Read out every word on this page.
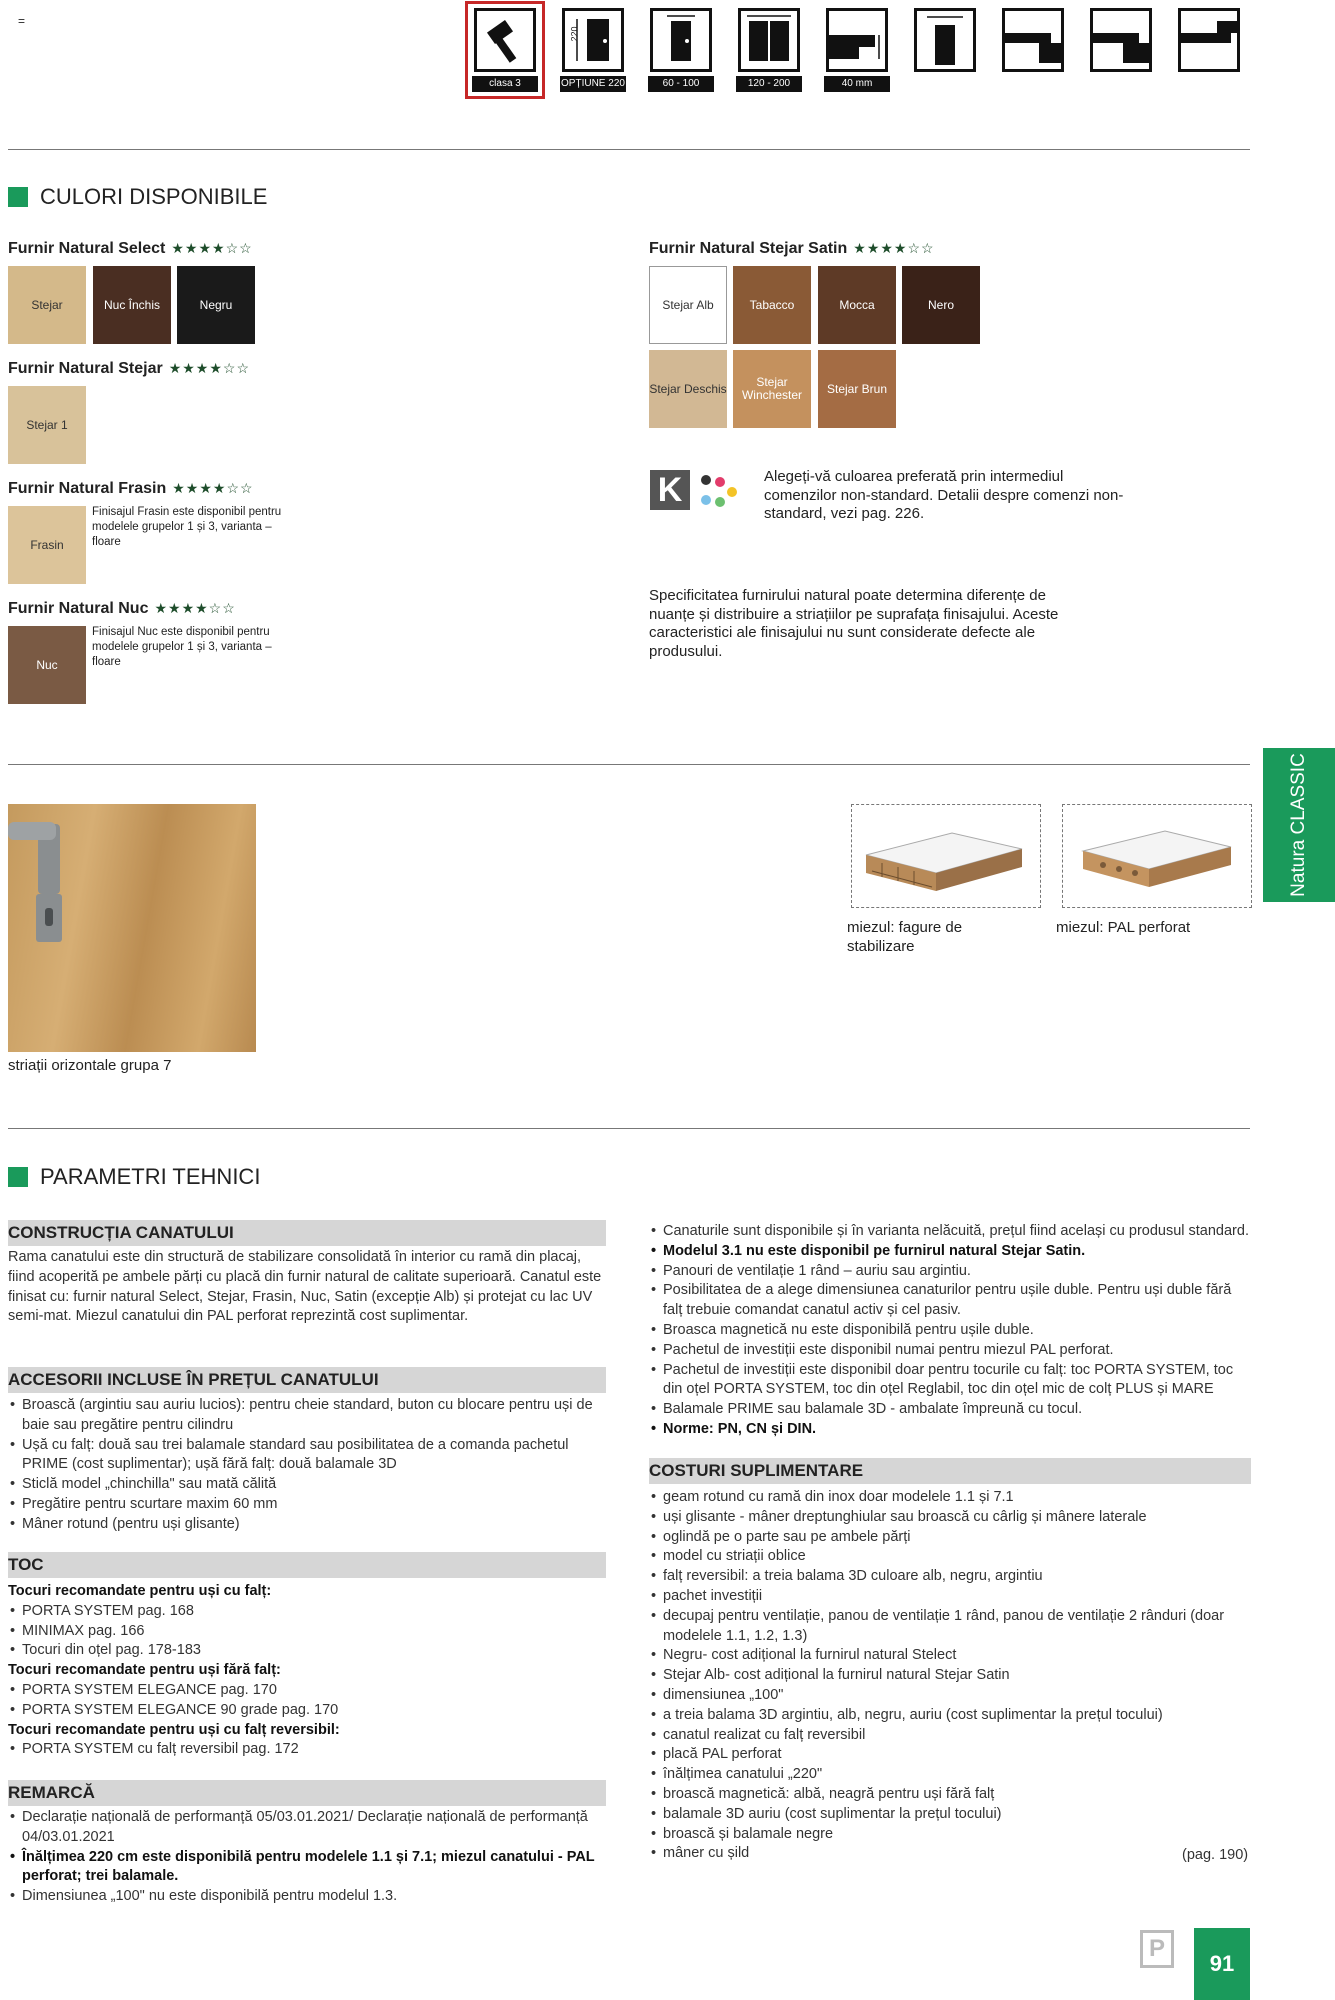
=
clasa 3
220
OPȚIUNE 220	60 - 100	120 - 200	40 mm
CULORI DISPONIBILE
Furnir Natural Select ★★★★☆☆
Stejar	Nuc Închis	Negru
Furnir Natural Stejar ★★★★☆☆
Stejar 1
Furnir Natural Frasin ★★★★☆☆
Frasin
Finisajul Frasin este disponibil pentru modelele grupelor 1 și 3, varianta – floare
Furnir Natural Nuc ★★★★☆☆
Nuc
Finisajul Nuc este disponibil pentru modelele grupelor 1 și 3, varianta – floare
Furnir Natural Stejar Satin ★★★★☆☆
Stejar Alb	Tabacco	Mocca	Nero
Stejar Deschis	Stejar Winchester	Stejar Brun
K	Alegeți-vă culoarea preferată prin intermediul comenzilor non-standard. Detalii despre comenzi non-standard, vezi pag. 226.
Specificitatea furnirului natural poate determina diferențe de nuanțe și distribuire a striațiilor pe suprafața finisajului. Aceste caracteristici ale finisajului nu sunt considerate defecte ale produsului.
striații orizontale grupa 7
miezul: fagure de stabilizare
miezul: PAL perforat
Natura CLASSIC
PARAMETRI TEHNICI
CONSTRUCȚIA CANATULUI
Rama canatului este din structură de stabilizare consolidată în interior cu ramă din placaj, fiind acoperită pe ambele părți cu placă din furnir natural de calitate superioară. Canatul este finisat cu: furnir natural Select, Stejar, Frasin, Nuc, Satin (excepție Alb) și protejat cu lac UV semi-mat. Miezul canatului din PAL perforat reprezintă cost suplimentar.
ACCESORII INCLUSE ÎN PREȚUL CANATULUI
• Broască (argintiu sau auriu lucios): pentru cheie standard, buton cu blocare pentru uși de baie sau pregătire pentru cilindru
• Ușă cu falț: două sau trei balamale standard sau posibilitatea de a comanda pachetul PRIME (cost suplimentar); ușă fără falț: două balamale 3D
• Sticlă model „chinchilla" sau mată călită
• Pregătire pentru scurtare maxim 60 mm
• Mâner rotund (pentru uși glisante)
TOC
Tocuri recomandate pentru uși cu falț:
• PORTA SYSTEM pag. 168
• MINIMAX pag. 166
• Tocuri din oțel pag. 178-183
Tocuri recomandate pentru uși fără falț:
• PORTA SYSTEM ELEGANCE pag. 170
• PORTA SYSTEM ELEGANCE 90 grade pag. 170
Tocuri recomandate pentru uși cu falț reversibil:
• PORTA SYSTEM cu falț reversibil pag. 172
REMARCĂ
• Declarație națională de performanță 05/03.01.2021/ Declarație națională de performanță 04/03.01.2021
• Înălțimea 220 cm este disponibilă pentru modelele 1.1 și 7.1; miezul canatului - PAL perforat; trei balamale.
• Dimensiunea „100" nu este disponibilă pentru modelul 1.3.
• Canaturile sunt disponibile și în varianta nelăcuită, prețul fiind același cu produsul standard.
• Modelul 3.1 nu este disponibil pe furnirul natural Stejar Satin.
• Panouri de ventilație 1 rând – auriu sau argintiu.
• Posibilitatea de a alege dimensiunea canaturilor pentru ușile duble. Pentru uși duble fără falț trebuie comandat canatul activ și cel pasiv.
• Broasca magnetică nu este disponibilă pentru ușile duble.
• Pachetul de investiții este disponibil numai pentru miezul PAL perforat.
• Pachetul de investiții este disponibil doar pentru tocurile cu falț: toc PORTA SYSTEM, toc din oțel PORTA SYSTEM, toc din oțel Reglabil, toc din oțel mic de colț PLUS și MARE
• Balamale PRIME sau balamale 3D - ambalate împreună cu tocul.
• Norme: PN, CN și DIN.
COSTURI SUPLIMENTARE
• geam rotund cu ramă din inox doar modelele 1.1 și 7.1
• uși glisante - mâner dreptunghiular sau broască cu cârlig și mânere laterale
• oglindă pe o parte sau pe ambele părți
• model cu striații oblice
• falț reversibil: a treia balama 3D culoare alb, negru, argintiu
• pachet investiții
• decupaj pentru ventilație, panou de ventilație 1 rând, panou de ventilație 2 rânduri (doar modelele 1.1, 1.2, 1.3)
• Negru- cost adițional la furnirul natural Stelect
• Stejar Alb- cost adițional la furnirul natural Stejar Satin
• dimensiunea „100"
• a treia balama 3D argintiu, alb, negru, auriu (cost suplimentar la prețul tocului)
• canatul realizat cu falț reversibil
• placă PAL perforat
• înălțimea canatului „220"
• broască magnetică: albă, neagră pentru uși fără falț
• balamale 3D auriu (cost suplimentar la prețul tocului)
• broască și balamale negre
• mâner cu șild	(pag. 190)
P
91
